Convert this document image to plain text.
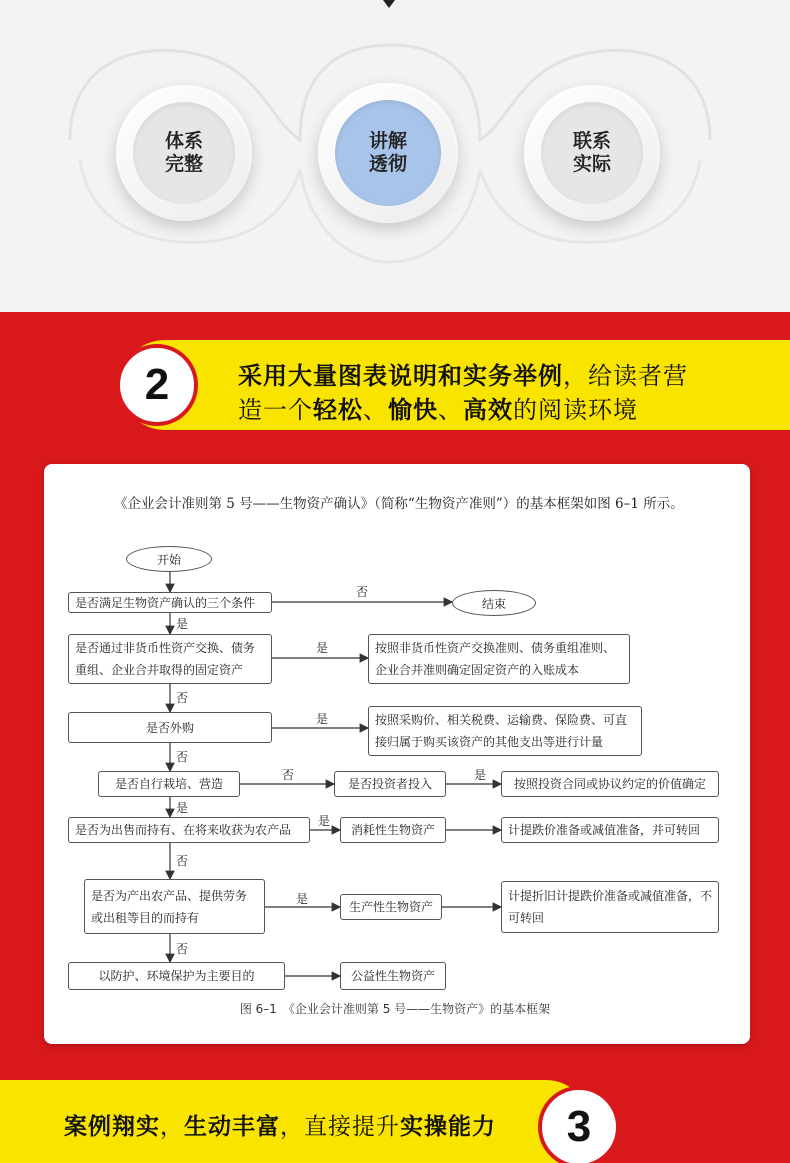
体系
完整
讲解
透彻
联系
实际
2	采用大量图表说明和实务举例，给读者营
造一个轻松、愉快、高效的阅读环境
《企业会计准则第 5 号——生物资产确认》（简称“生物资产准则”）的基本框架如图 6–1 所示。
开始
结束
是否满足生物资产确认的三个条件
是否通过非货币性资产交换、债务重组、企业合并取得的固定资产
按照非货币性资产交换准则、债务重组准则、企业合并准则确定固定资产的入账成本
是否外购
按照采购价、相关税费、运输费、保险费、可直接归属于购买该资产的其他支出等进行计量
是否自行栽培、营造	是否投资者投入	按照投资合同或协议约定的价值确定
是否为出售而持有、在将来收获为农产品	消耗性生物资产	计提跌价准备或减值准备，并可转回
是否为产出农产品、提供劳务或出租等目的而持有
生产性生物资产
计提折旧计提跌价准备或减值准备，不可转回
以防护、环境保护为主要目的	公益性生物资产
否
是
是
否
是
否
否	是
是
是
否
是
否
图 6–1　《企业会计准则第 5 号——生物资产》的基本框架
案例翔实，生动丰富，直接提升实操能力	3
